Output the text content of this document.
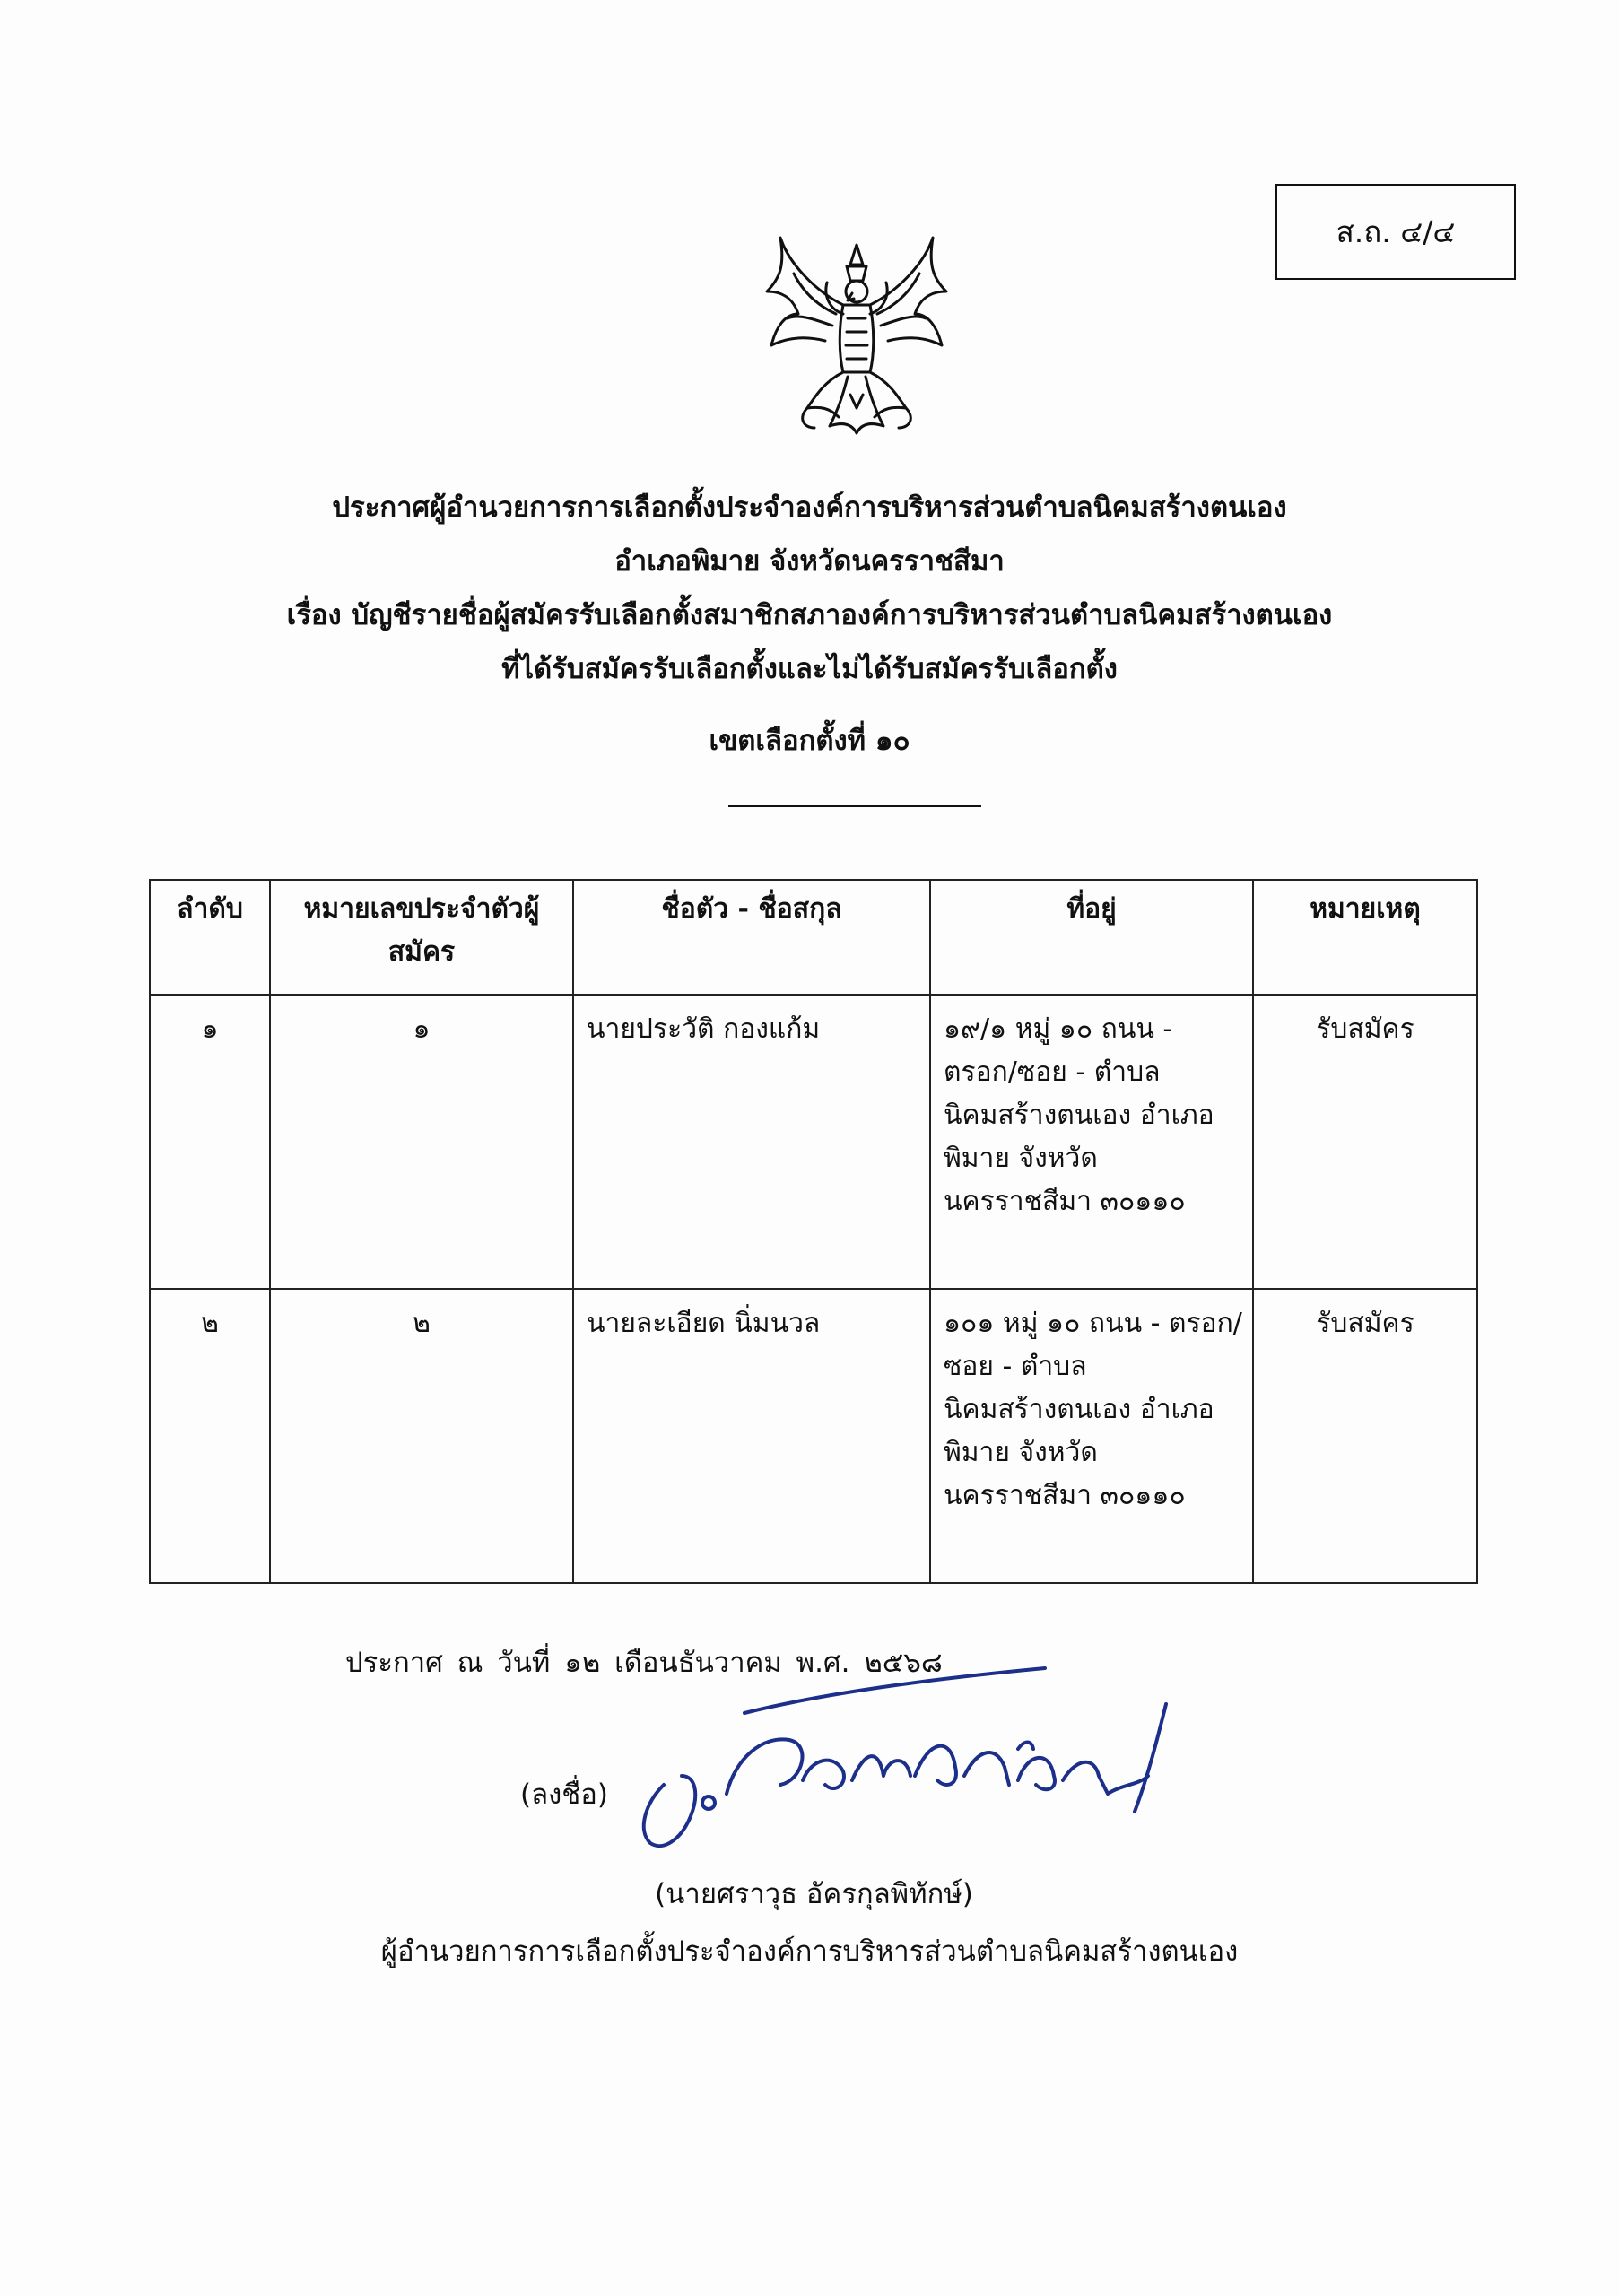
ส.ถ. ๔/๔
ประกาศผู้อำนวยการการเลือกตั้งประจำองค์การบริหารส่วนตำบลนิคมสร้างตนเอง
อำเภอพิมาย จังหวัดนครราชสีมา
เรื่อง บัญชีรายชื่อผู้สมัครรับเลือกตั้งสมาชิกสภาองค์การบริหารส่วนตำบลนิคมสร้างตนเอง
ที่ได้รับสมัครรับเลือกตั้งและไม่ได้รับสมัครรับเลือกตั้ง
เขตเลือกตั้งที่ ๑๐
ลำดับ	หมายเลขประจำตัวผู้สมัคร	ชื่อตัว - ชื่อสกุล	ที่อยู่	หมายเหตุ
๑	๑	นายประวัติ กองแก้ม	๑๙/๑ หมู่ ๑๐ ถนน - ตรอก/ซอย - ตำบลนิคมสร้างตนเอง อำเภอพิมาย จังหวัดนครราชสีมา ๓๐๑๑๐	รับสมัคร
๒	๒	นายละเอียด นิ่มนวล	๑๐๑ หมู่ ๑๐ ถนน - ตรอก/ซอย - ตำบลนิคมสร้างตนเอง อำเภอพิมาย จังหวัดนครราชสีมา ๓๐๑๑๐	รับสมัคร
ประกาศ ณ วันที่ ๑๒ เดือนธันวาคม พ.ศ. ๒๕๖๘
(ลงชื่อ)
(นายศราวุธ อัครกุลพิทักษ์)
ผู้อำนวยการการเลือกตั้งประจำองค์การบริหารส่วนตำบลนิคมสร้างตนเอง
